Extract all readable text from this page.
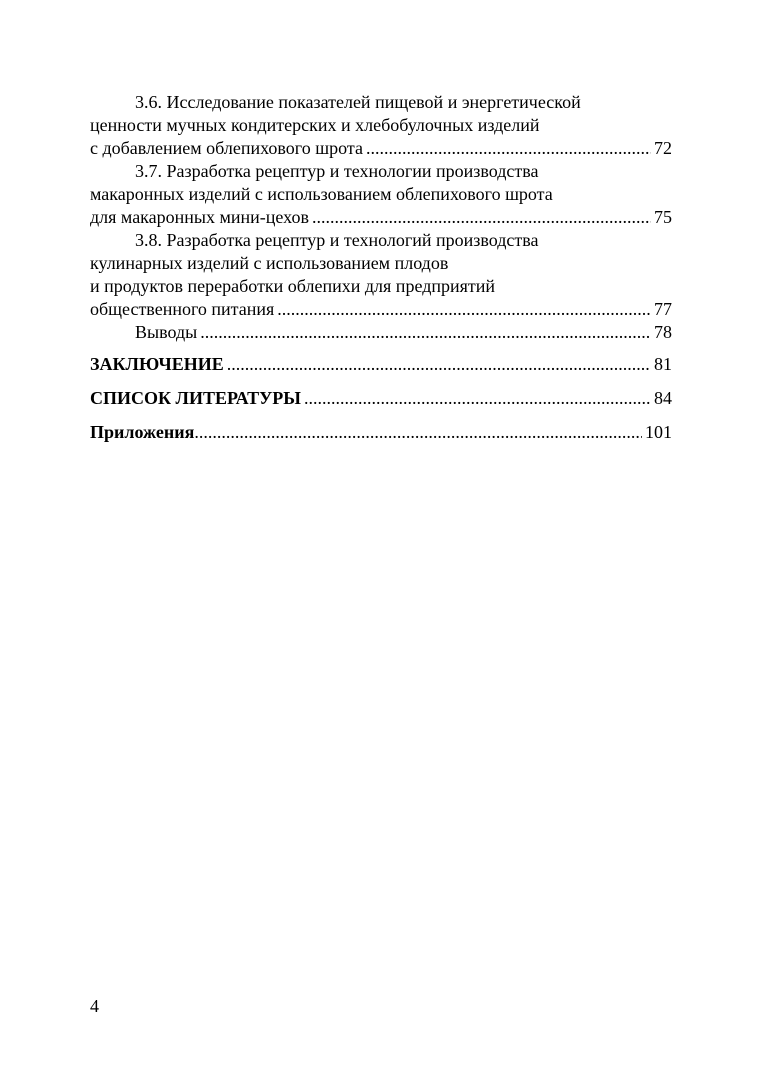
3.6. Исследование показателей пищевой и энергетической
ценности мучных кондитерских и хлебобулочных изделий
с добавлением облепихового шрота .....	72
3.7. Разработка рецептур и технологии производства
макаронных изделий с использованием облепихового шрота
для макаронных мини-цехов .....	75
3.8. Разработка рецептур и технологий производства
кулинарных изделий с использованием плодов
и продуктов переработки облепихи для предприятий
общественного питания .....	77
Выводы .....	78
ЗАКЛЮЧЕНИЕ .....	81
СПИСОК ЛИТЕРАТУРЫ .....	84
Приложения .....	101
4
